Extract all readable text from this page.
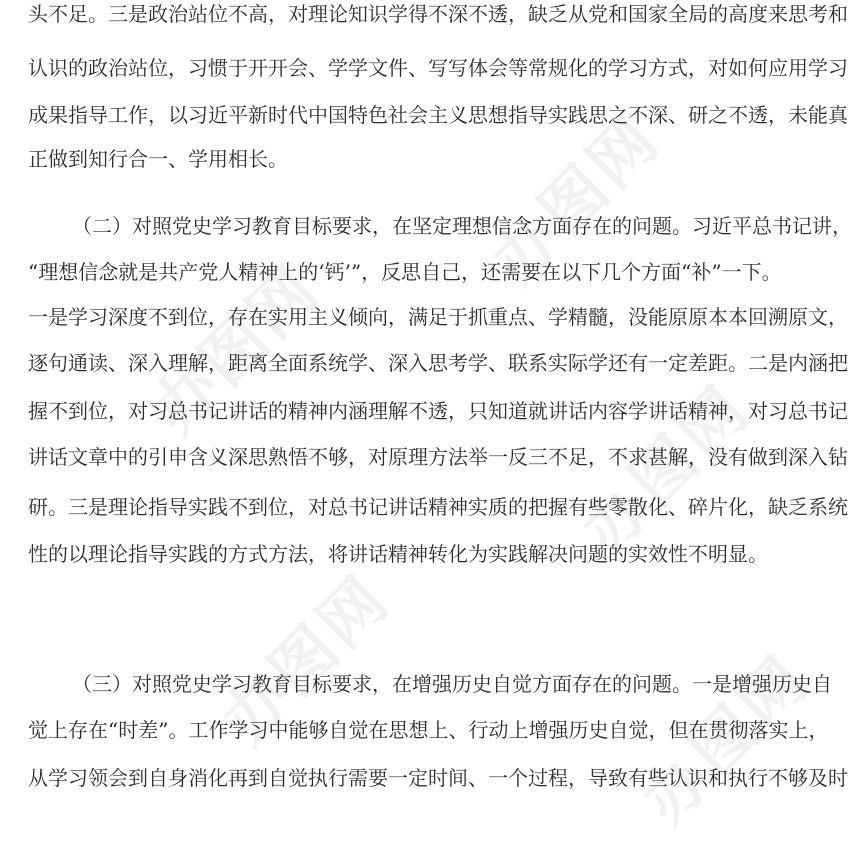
办图网
办图网
办图网
办图网	办图网
头不足。三是政治站位不高，对理论知识学得不深不透，缺乏从党和国家全局的高度来思考和
认识的政治站位，习惯于开开会、学学文件、写写体会等常规化的学习方式，对如何应用学习
成果指导工作，以习近平新时代中国特色社会主义思想指导实践思之不深、研之不透，未能真
正做到知行合一、学用相长。
（二）对照党史学习教育目标要求，在坚定理想信念方面存在的问题。习近平总书记讲，
“理想信念就是共产党人精神上的‘钙’”，反思自己，还需要在以下几个方面“补”一下。
一是学习深度不到位，存在实用主义倾向，满足于抓重点、学精髓，没能原原本本回溯原文，
逐句通读、深入理解，距离全面系统学、深入思考学、联系实际学还有一定差距。二是内涵把
握不到位，对习总书记讲话的精神内涵理解不透，只知道就讲话内容学讲话精神，对习总书记
讲话文章中的引申含义深思熟悟不够，对原理方法举一反三不足，不求甚解，没有做到深入钻
研。三是理论指导实践不到位，对总书记讲话精神实质的把握有些零散化、碎片化，缺乏系统
性的以理论指导实践的方式方法，将讲话精神转化为实践解决问题的实效性不明显。
（三）对照党史学习教育目标要求，在增强历史自觉方面存在的问题。一是增强历史自
觉上存在“时差”。工作学习中能够自觉在思想上、行动上增强历史自觉，但在贯彻落实上，
从学习领会到自身消化再到自觉执行需要一定时间、一个过程，导致有些认识和执行不够及时
